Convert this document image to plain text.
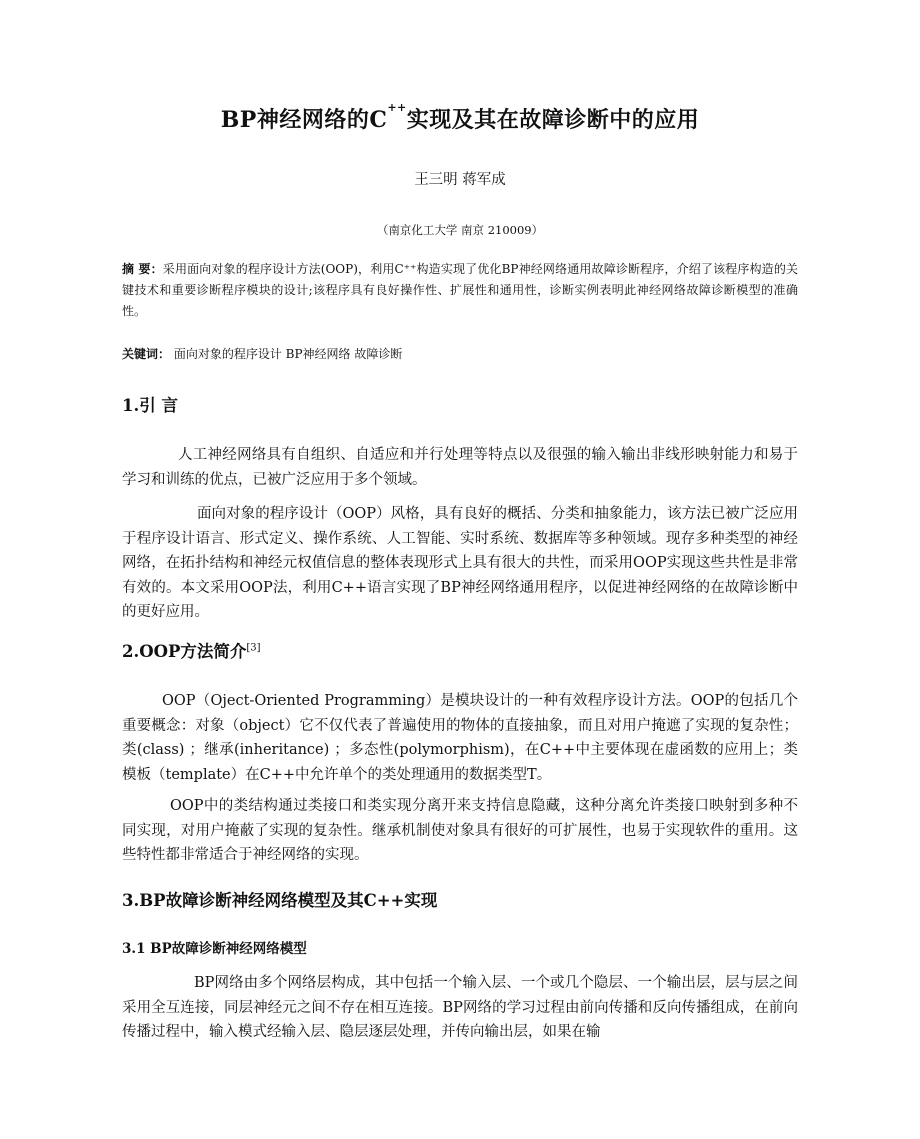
BP神经网络的C++实现及其在故障诊断中的应用
王三明 蒋军成
（南京化工大学 南京 210009）

摘 要：采用面向对象的程序设计方法(OOP)，利用C⁺⁺构造实现了优化BP神经网络通用故障诊断程序，介绍了该程序构造的关键技术和重要诊断程序模块的设计;该程序具有良好操作性、扩展性和通用性，诊断实例表明此神经网络故障诊断模型的准确性。

关键词： 面向对象的程序设计 BP神经网络 故障诊断

1.引 言

人工神经网络具有自组织、自适应和并行处理等特点以及很强的输入输出非线形映射能力和易于学习和训练的优点，已被广泛应用于多个领域。

面向对象的程序设计（OOP）风格，具有良好的概括、分类和抽象能力，该方法已被广泛应用于程序设计语言、形式定义、操作系统、人工智能、实时系统、数据库等多种领域。现存多种类型的神经网络，在拓扑结构和神经元权值信息的整体表现形式上具有很大的共性，而采用OOP实现这些共性是非常有效的。本文采用OOP法，利用C++语言实现了BP神经网络通用程序，以促进神经网络的在故障诊断中的更好应用。

2.OOP方法简介[3]

OOP（Oject-Oriented Programming）是模块设计的一种有效程序设计方法。OOP的包括几个重要概念：对象（object）它不仅代表了普遍使用的物体的直接抽象，而且对用户掩遮了实现的复杂性；类(class) ；继承(inheritance) ；多态性(polymorphism)，在C++中主要体现在虚函数的应用上；类模板（template）在C++中允许单个的类处理通用的数据类型T。

OOP中的类结构通过类接口和类实现分离开来支持信息隐藏，这种分离允许类接口映射到多种不同实现，对用户掩蔽了实现的复杂性。继承机制使对象具有很好的可扩展性，也易于实现软件的重用。这些特性都非常适合于神经网络的实现。

3.BP故障诊断神经网络模型及其C++实现
3.1 BP故障诊断神经网络模型

BP网络由多个网络层构成，其中包括一个输入层、一个或几个隐层、一个输出层，层与层之间采用全互连接，同层神经元之间不存在相互连接。BP网络的学习过程由前向传播和反向传播组成，在前向传播过程中，输入模式经输入层、隐层逐层处理，并传向输出层，如果在输
